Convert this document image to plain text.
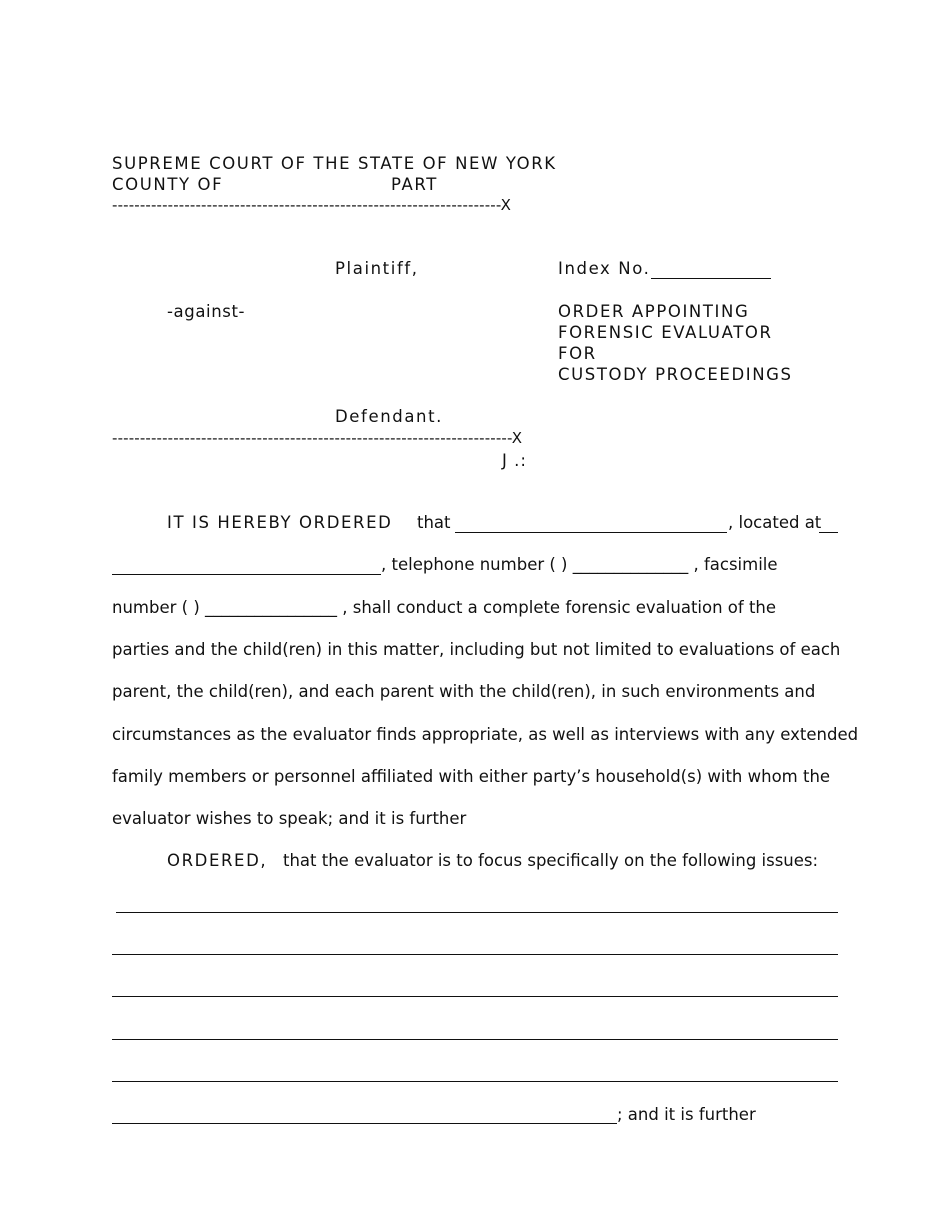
SUPREME COURT OF THE STATE OF NEW YORK
COUNTY OF	PART
----------------------------------------------------------------------X
Plaintiff,	Index No.
-against-	ORDER APPOINTING
FORENSIC EVALUATOR
FOR
CUSTODY PROCEEDINGS
Defendant.
------------------------------------------------------------------------X
J .:
IT IS HEREBY ORDERED that	, located at
, telephone number ( ) ______________ , facsimile
number ( ) ________________ , shall conduct a complete forensic evaluation of the
parties and the child(ren) in this matter, including but not limited to evaluations of each
parent, the child(ren), and each parent with the child(ren), in such environments and
circumstances as the evaluator finds appropriate, as well as interviews with any extended
family members or personnel affiliated with either party’s household(s) with whom the
evaluator wishes to speak; and it is further
ORDERED, that the evaluator is to focus specifically on the following issues:
; and it is further
